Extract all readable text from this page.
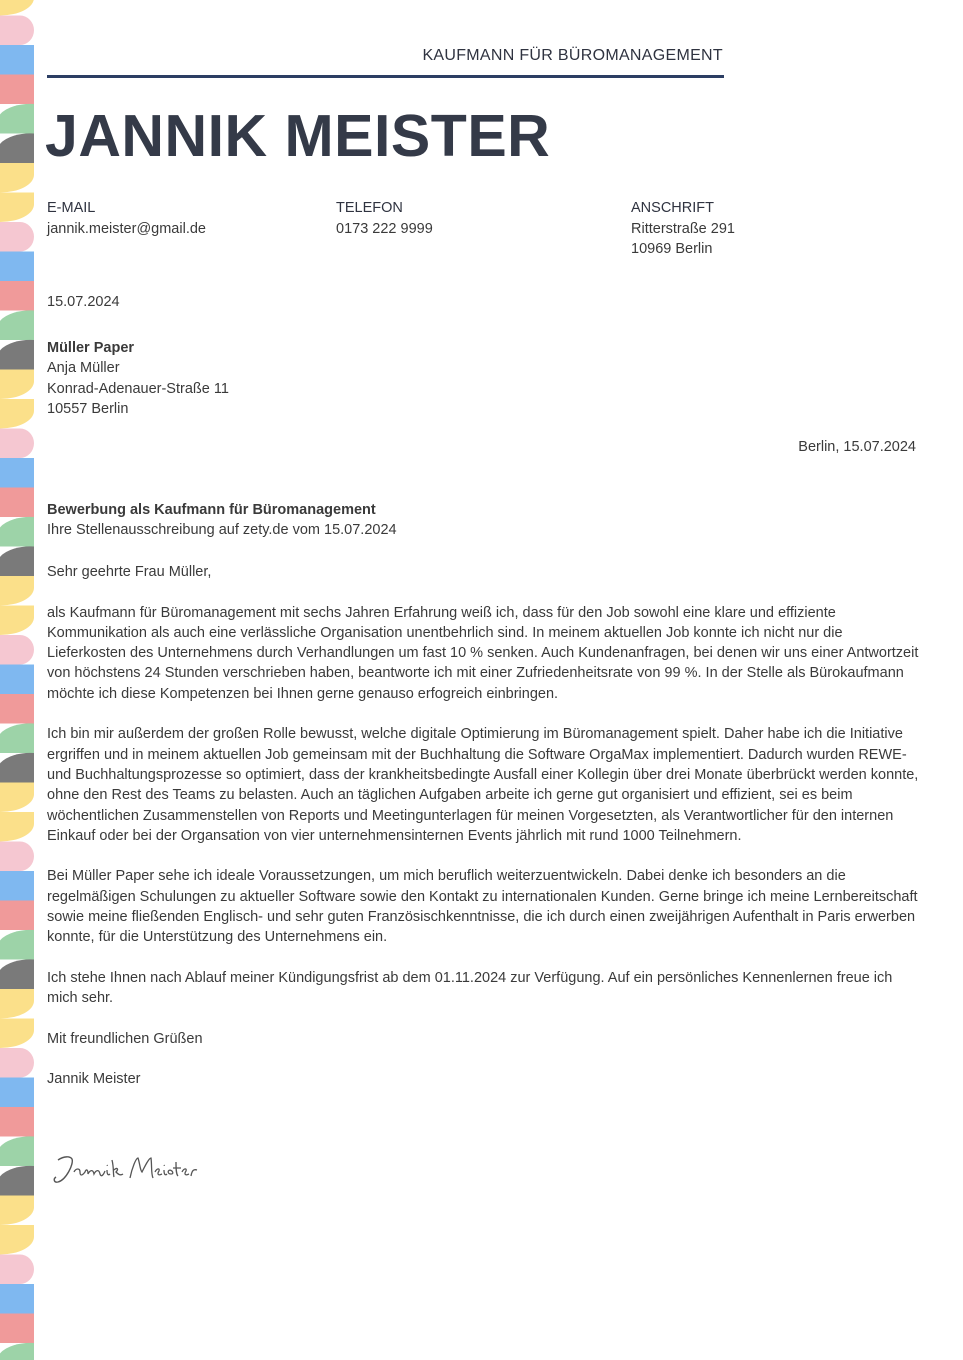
KAUFMANN FÜR BÜROMANAGEMENT
JANNIK MEISTER
E-MAIL
jannik.meister@gmail.de
TELEFON
0173 222 9999
ANSCHRIFT
Ritterstraße 291
10969 Berlin
15.07.2024
Müller Paper
Anja Müller
Konrad-Adenauer-Straße 11
10557 Berlin
Berlin, 15.07.2024
Bewerbung als Kaufmann für Büromanagement
Ihre Stellenausschreibung auf zety.de vom 15.07.2024

Sehr geehrte Frau Müller,

als Kaufmann für Büromanagement mit sechs Jahren Erfahrung weiß ich, dass für den Job sowohl eine klare und effiziente Kommunikation als auch eine verlässliche Organisation unentbehrlich sind. In meinem aktuellen Job konnte ich nicht nur die Lieferkosten des Unternehmens durch Verhandlungen um fast 10 % senken. Auch Kundenanfragen, bei denen wir uns einer Antwortzeit von höchstens 24 Stunden verschrieben haben, beantworte ich mit einer Zufriedenheitsrate von 99 %. In der Stelle als Bürokaufmann möchte ich diese Kompetenzen bei Ihnen gerne genauso erfogreich einbringen.

Ich bin mir außerdem der großen Rolle bewusst, welche digitale Optimierung im Büromanagement spielt. Daher habe ich die Initiative ergriffen und in meinem aktuellen Job gemeinsam mit der Buchhaltung die Software OrgaMax implementiert. Dadurch wurden REWE- und Buchhaltungsprozesse so optimiert, dass der krankheitsbedingte Ausfall einer Kollegin über drei Monate überbrückt werden konnte, ohne den Rest des Teams zu belasten. Auch an täglichen Aufgaben arbeite ich gerne gut organisiert und effizient, sei es beim wöchentlichen Zusammenstellen von Reports und Meetingunterlagen für meinen Vorgesetzten, als Verantwortlicher für den internen Einkauf oder bei der Organsation von vier unternehmensinternen Events jährlich mit rund 1000 Teilnehmern.

Bei Müller Paper sehe ich ideale Voraussetzungen, um mich beruflich weiterzuentwickeln. Dabei denke ich besonders an die regelmäßigen Schulungen zu aktueller Software sowie den Kontakt zu internationalen Kunden. Gerne bringe ich meine Lernbereitschaft sowie meine fließenden Englisch- und sehr guten Französischkenntnisse, die ich durch einen zweijährigen Aufenthalt in Paris erwerben konnte, für die Unterstützung des Unternehmens ein.

Ich stehe Ihnen nach Ablauf meiner Kündigungsfrist ab dem 01.11.2024 zur Verfügung. Auf ein persönliches Kennenlernen freue ich mich sehr.

Mit freundlichen Grüßen

Jannik Meister
